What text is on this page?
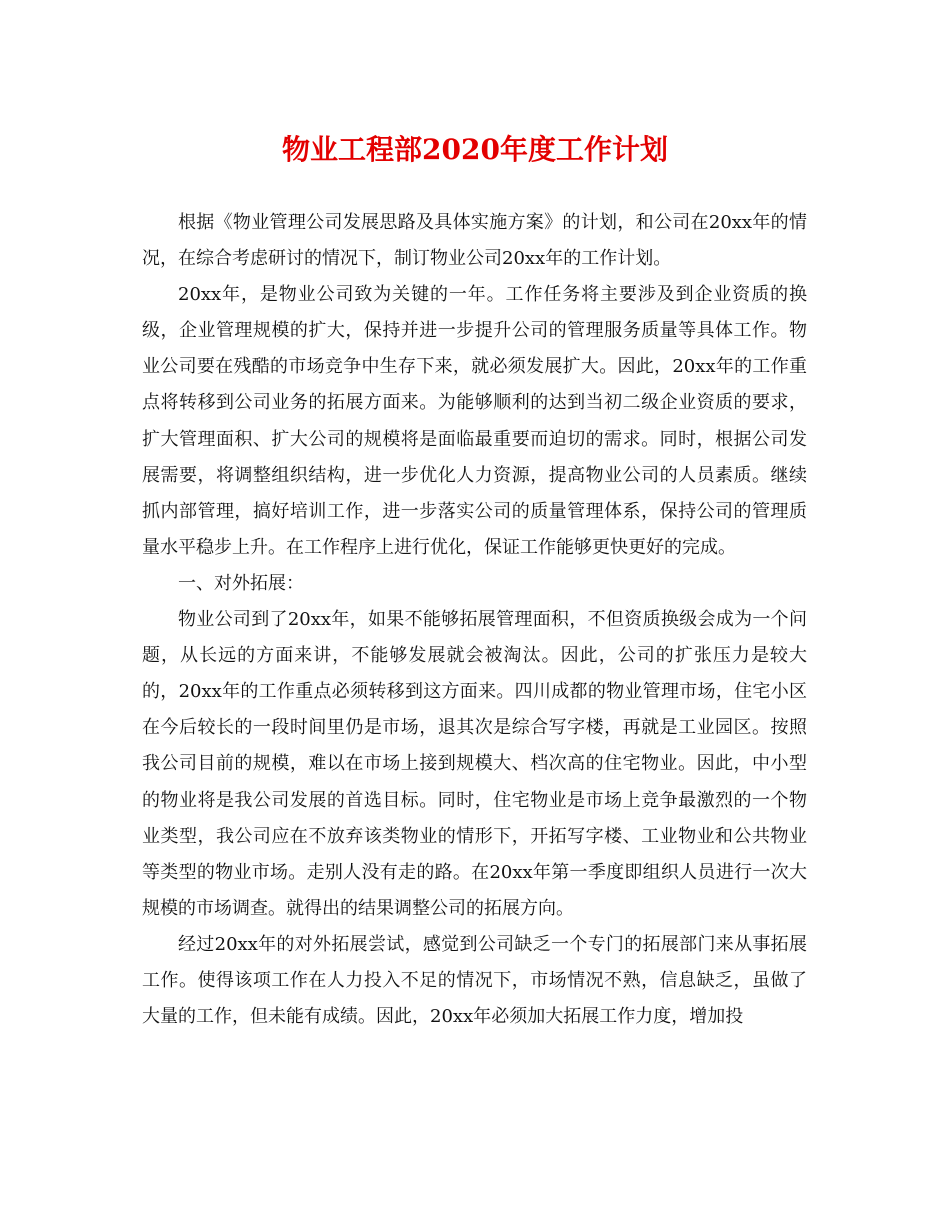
物业工程部2020年度工作计划

根据《物业管理公司发展思路及具体实施方案》的计划，和公司在20xx年的情况，在综合考虑研讨的情况下，制订物业公司20xx年的工作计划。

20xx年，是物业公司致为关键的一年。工作任务将主要涉及到企业资质的换级，企业管理规模的扩大，保持并进一步提升公司的管理服务质量等具体工作。物业公司要在残酷的市场竞争中生存下来，就必须发展扩大。因此，20xx年的工作重点将转移到公司业务的拓展方面来。为能够顺利的达到当初二级企业资质的要求，扩大管理面积、扩大公司的规模将是面临最重要而迫切的需求。同时，根据公司发展需要，将调整组织结构，进一步优化人力资源，提高物业公司的人员素质。继续抓内部管理，搞好培训工作，进一步落实公司的质量管理体系，保持公司的管理质量水平稳步上升。在工作程序上进行优化，保证工作能够更快更好的完成。

一、对外拓展：

物业公司到了20xx年，如果不能够拓展管理面积，不但资质换级会成为一个问题，从长远的方面来讲，不能够发展就会被淘汰。因此，公司的扩张压力是较大的，20xx年的工作重点必须转移到这方面来。四川成都的物业管理市场，住宅小区在今后较长的一段时间里仍是市场，退其次是综合写字楼，再就是工业园区。按照我公司目前的规模，难以在市场上接到规模大、档次高的住宅物业。因此，中小型的物业将是我公司发展的首选目标。同时，住宅物业是市场上竞争最激烈的一个物业类型，我公司应在不放弃该类物业的情形下，开拓写字楼、工业物业和公共物业等类型的物业市场。走别人没有走的路。在20xx年第一季度即组织人员进行一次大规模的市场调查。就得出的结果调整公司的拓展方向。

经过20xx年的对外拓展尝试，感觉到公司缺乏一个专门的拓展部门来从事拓展工作。使得该项工作在人力投入不足的情况下，市场情况不熟，信息缺乏，虽做了大量的工作，但未能有成绩。因此，20xx年必须加大拓展工作力度，增加投
